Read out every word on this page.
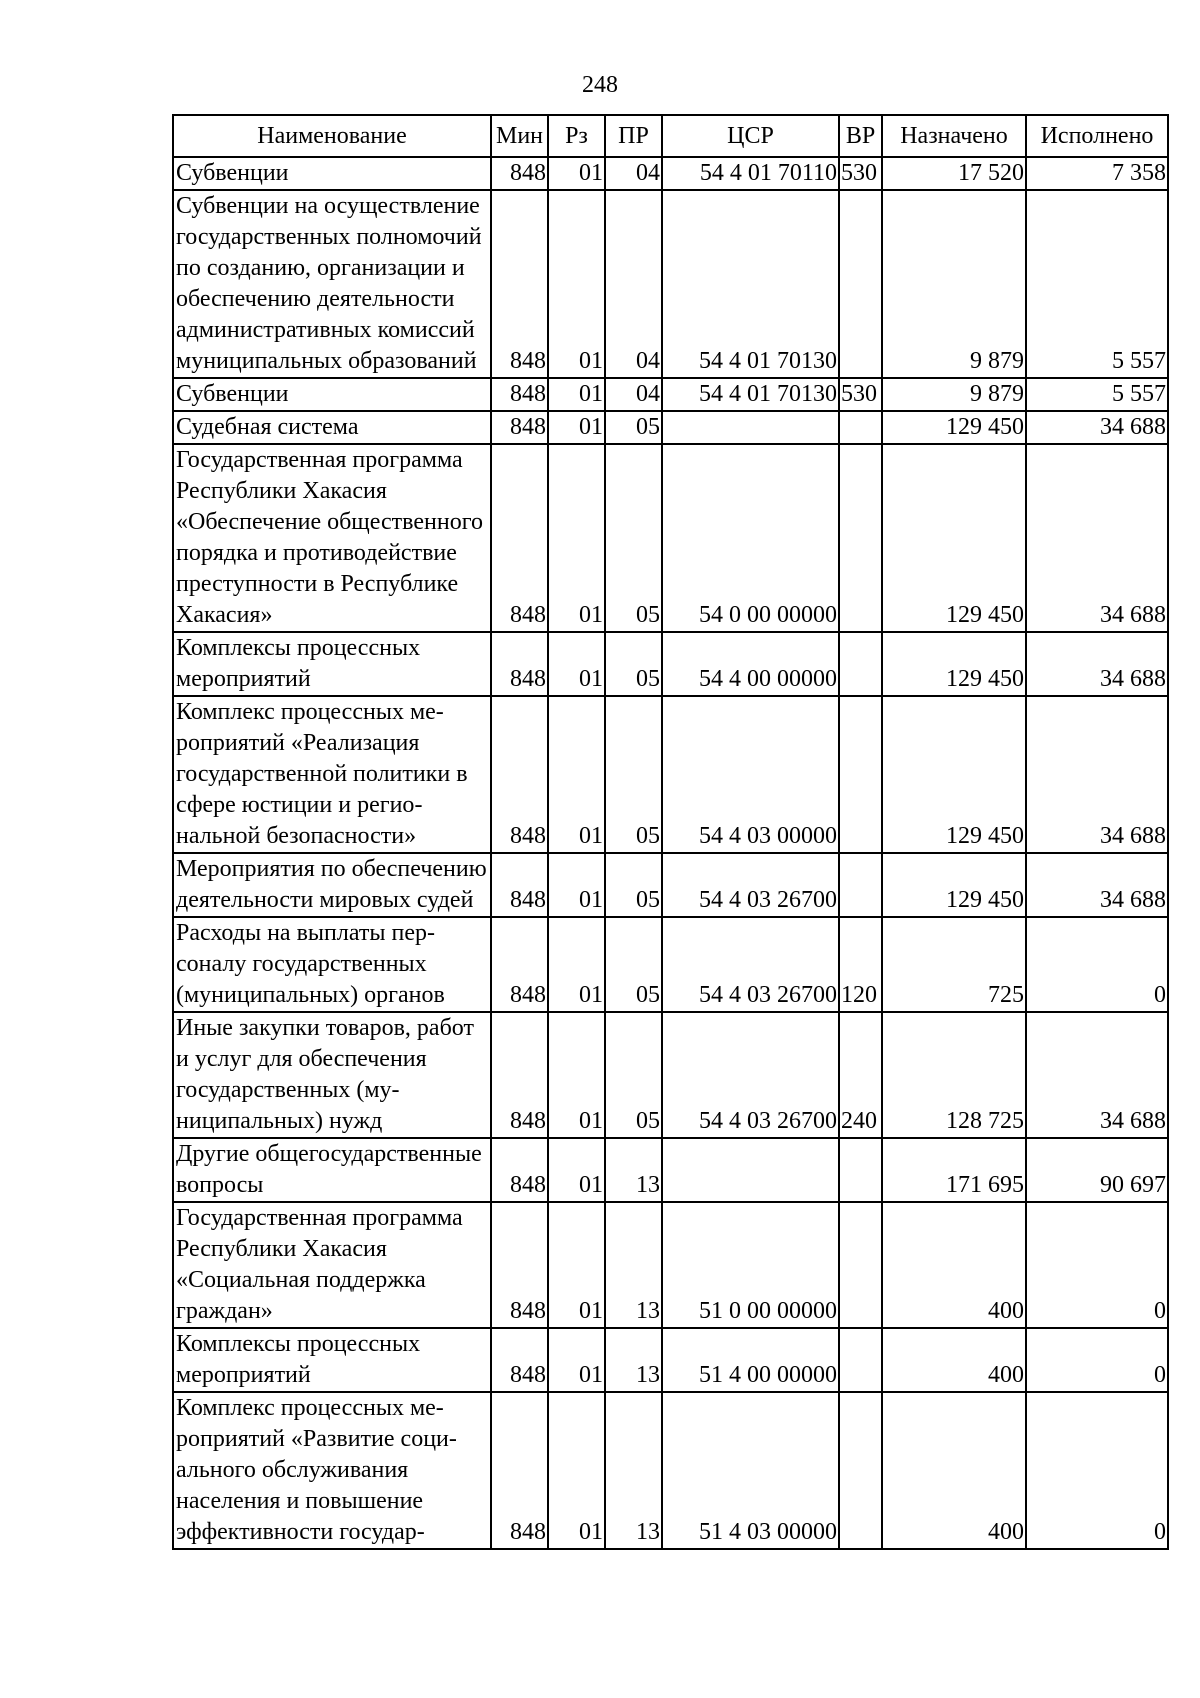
248
Наименование	Мин	Рз	ПР	ЦСР	ВР	Назначено	Исполнено
Субвенции	848	01	04	54 4 01 70110	530	17 520	7 358
Субвенции на осуществление государственных полномочий по созданию, организации и обеспечению деятельности административных комиссий муниципальных образований	848	01	04	54 4 01 70130		9 879	5 557
Субвенции	848	01	04	54 4 01 70130	530	9 879	5 557
Судебная система	848	01	05			129 450	34 688
Государственная программа Республики Хакасия «Обеспечение общественного порядка и противодействие преступности в Республике Хакасия»	848	01	05	54 0 00 00000		129 450	34 688
Комплексы процессных мероприятий	848	01	05	54 4 00 00000		129 450	34 688
Комплекс процессных мероприятий «Реализация государственной политики в сфере юстиции и региональной безопасности»	848	01	05	54 4 03 00000		129 450	34 688
Мероприятия по обеспечению деятельности мировых судей	848	01	05	54 4 03 26700		129 450	34 688
Расходы на выплаты персоналу государственных (муниципальных) органов	848	01	05	54 4 03 26700	120	725	0
Иные закупки товаров, работ и услуг для обеспечения государственных (муниципальных) нужд	848	01	05	54 4 03 26700	240	128 725	34 688
Другие общегосударственные вопросы	848	01	13			171 695	90 697
Государственная программа Республики Хакасия «Социальная поддержка граждан»	848	01	13	51 0 00 00000		400	0
Комплексы процессных мероприятий	848	01	13	51 4 00 00000		400	0
Комплекс процессных мероприятий «Развитие социального обслуживания населения и повышение эффективности государ-	848	01	13	51 4 03 00000		400	0
